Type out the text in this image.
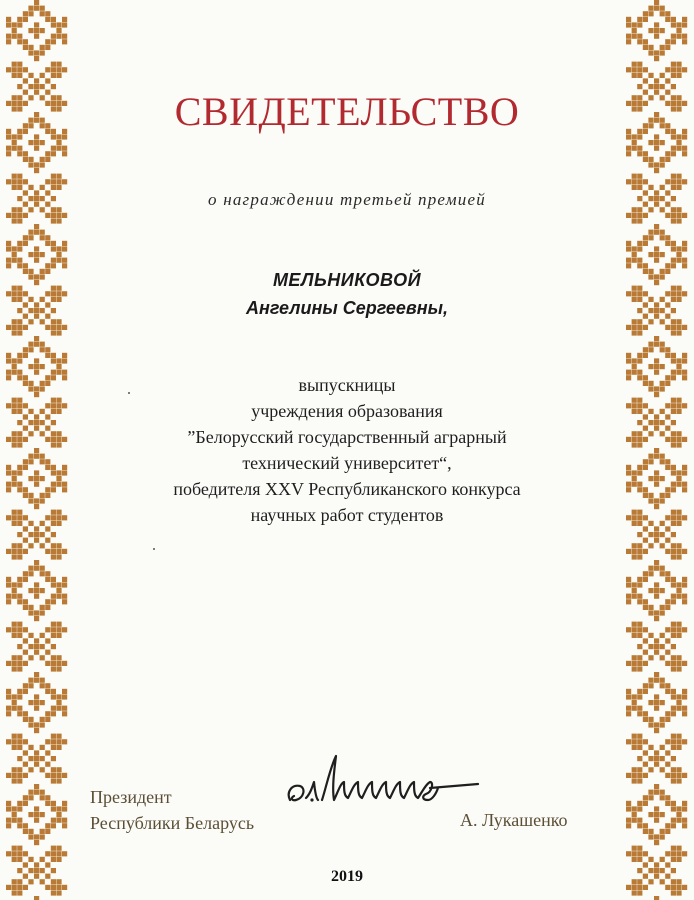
СВИДЕТЕЛЬСТВО
о награждении третьей премией
МЕЛЬНИКОВОЙ
Ангелины Сергеевны,
выпускницы
учреждения образования
”Белорусский государственный аграрный
технический университет“,
победителя XXV Республиканского конкурса
научных работ студентов
Президент
Республики Беларусь	А. Лукашенко
2019
